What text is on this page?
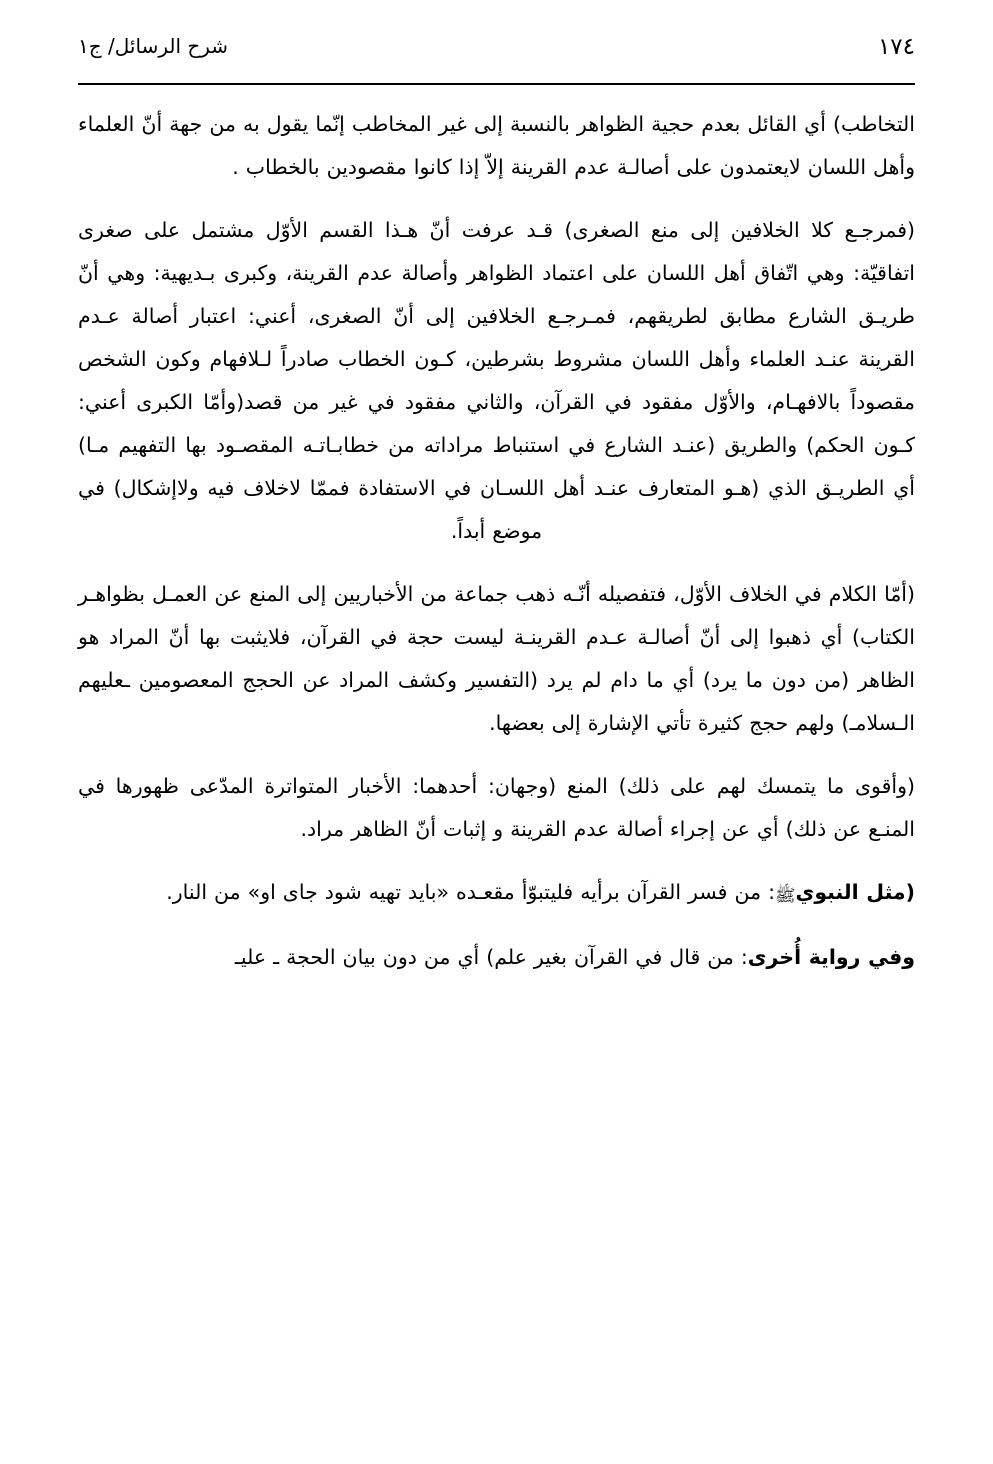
شرح الرسائل/ ج١	١٧٤

التخاطب) أي القائل بعدم حجية الظواهر بالنسبة إلى غير المخاطب إنّما يقول به من جهة أنّ العلماء وأهل اللسان لايعتمدون على أصالـة عدم القرينة إلاّ إذا كانوا مقصودين بالخطاب .

(فمرجـع كلا الخلافين إلى منع الصغرى) قـد عرفت أنّ هـذا القسم الأوّل مشتمل على صغرى اتفاقيّة: وهي اتّفاق أهل اللسان على اعتماد الظواهر وأصالة عدم القرينة، وكبرى بـديهية: وهي أنّ طريـق الشارع مطابق لطريقهم، فمـرجـع الخلافين إلى أنّ الصغرى، أعني: اعتبار أصالة عـدم القرينة عنـد العلماء وأهل اللسان مشروط بشرطين، كـون الخطاب صادراً لـلافهام وكون الشخص مقصوداً بالافهـام، والأوّل مفقود في القرآن، والثاني مفقود في غير من قصد(وأمّا الكبرى أعني: كـون الحكم) والطريق (عنـد الشارع في استنباط مراداته من خطابـاتـه المقصـود بها التفهيم مـا) أي الطريـق الذي (هـو المتعارف عنـد أهل اللسـان في الاستفادة فممّا لاخلاف فيه ولاإشكال) في موضع أبداً.

(أمّا الكلام في الخلاف الأوّل، فتفصيله أنّـه ذهب جماعة من الأخباريين إلى المنع عن العمـل بظواهـر الكتاب) أي ذهبوا إلى أنّ أصالـة عـدم القرينـة ليست حجة في القرآن، فلايثبت بها أنّ المراد هو الظاهر (من دون ما يرد) أي ما دام لم يرد (التفسير وكشف المراد عن الحجج المعصومين ـعليهم الـسلامـ) ولهم حجج كثيرة تأتي الإشارة إلى بعضها.

(وأقوى ما يتمسك لهم على ذلك) المنع (وجهان: أحدهما: الأخبار المتواترة المدّعى ظهورها في المنـع عن ذلك) أي عن إجراء أصالة عدم القرينة و إثبات أنّ الظاهر مراد.

(مثل النبويﷺ: من فسر القرآن برأيه فليتبوّأ مقعـده «باید تهیه شود جای او» من النار.

وفي رواية أُخرى: من قال في القرآن بغير علم) أي من دون بيان الحجة ـ علیـ
